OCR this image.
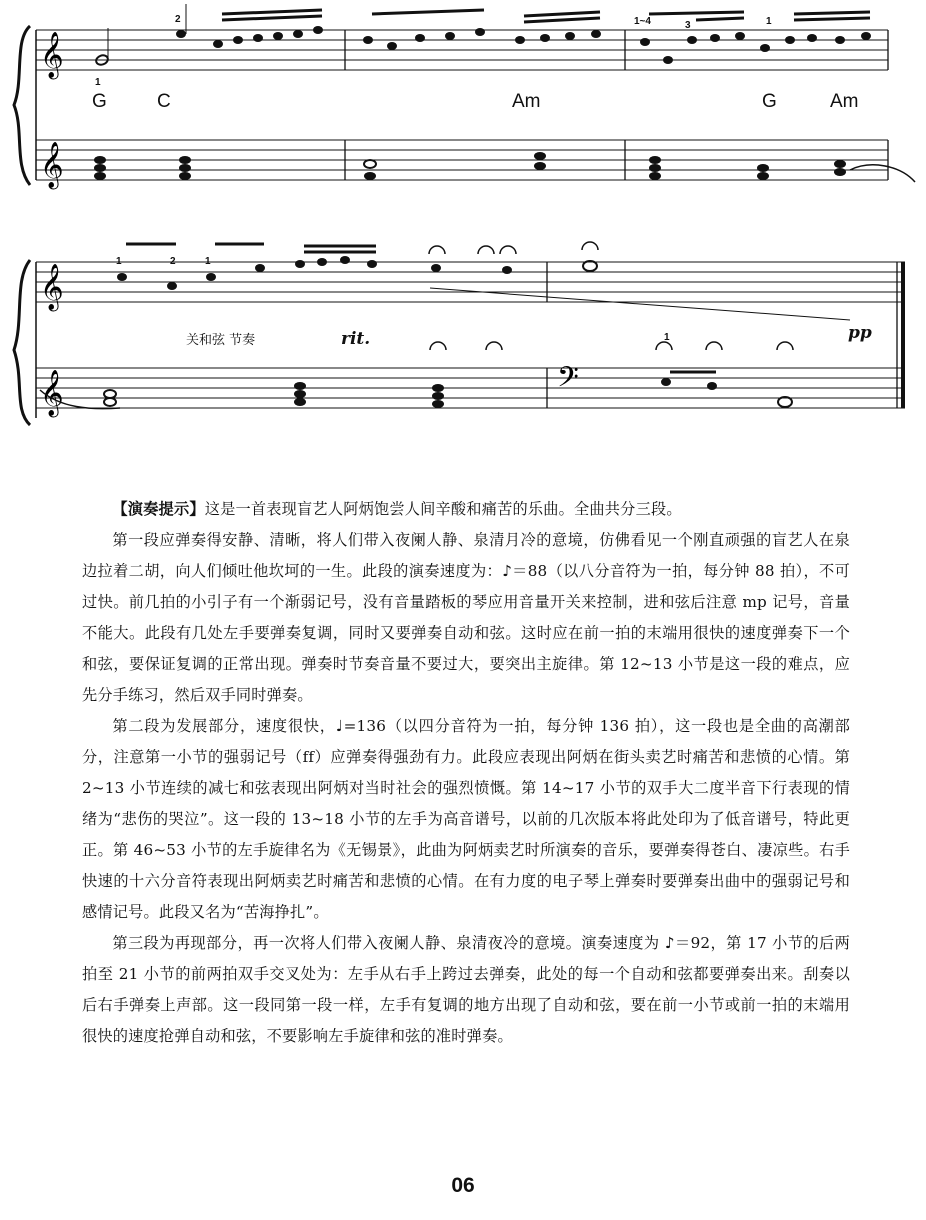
𝄞
𝄞
1
2	1~4	3	1
G	C	Am	G	Am
𝄞
𝄞	𝄢
1	2	1
1
关和弦 节奏	rit.	pp

【演奏提示】这是一首表现盲艺人阿炳饱尝人间辛酸和痛苦的乐曲。全曲共分三段。

第一段应弹奏得安静、清晰，将人们带入夜阑人静、泉清月冷的意境，仿佛看见一个刚直顽强的盲艺人在泉边拉着二胡，向人们倾吐他坎坷的一生。此段的演奏速度为：♪＝88（以八分音符为一拍，每分钟 88 拍），不可过快。前几拍的小引子有一个渐弱记号，没有音量踏板的琴应用音量开关来控制，进和弦后注意 mp 记号，音量不能大。此段有几处左手要弹奏复调，同时又要弹奏自动和弦。这时应在前一拍的末端用很快的速度弹奏下一个和弦，要保证复调的正常出现。弹奏时节奏音量不要过大，要突出主旋律。第 12~13 小节是这一段的难点，应先分手练习，然后双手同时弹奏。

第二段为发展部分，速度很快，♩=136（以四分音符为一拍，每分钟 136 拍），这一段也是全曲的高潮部分，注意第一小节的强弱记号（ff）应弹奏得强劲有力。此段应表现出阿炳在街头卖艺时痛苦和悲愤的心情。第 2~13 小节连续的减七和弦表现出阿炳对当时社会的强烈愤慨。第 14~17 小节的双手大二度半音下行表现的情绪为“悲伤的哭泣”。这一段的 13~18 小节的左手为高音谱号，以前的几次版本将此处印为了低音谱号，特此更正。第 46~53 小节的左手旋律名为《无锡景》，此曲为阿炳卖艺时所演奏的音乐，要弹奏得苍白、凄凉些。右手快速的十六分音符表现出阿炳卖艺时痛苦和悲愤的心情。在有力度的电子琴上弹奏时要弹奏出曲中的强弱记号和感情记号。此段又名为“苦海挣扎”。

第三段为再现部分，再一次将人们带入夜阑人静、泉清夜冷的意境。演奏速度为 ♪＝92，第 17 小节的后两拍至 21 小节的前两拍双手交叉处为：左手从右手上跨过去弹奏，此处的每一个自动和弦都要弹奏出来。刮奏以后右手弹奏上声部。这一段同第一段一样，左手有复调的地方出现了自动和弦，要在前一小节或前一拍的末端用很快的速度抢弹自动和弦，不要影响左手旋律和弦的准时弹奏。

06
